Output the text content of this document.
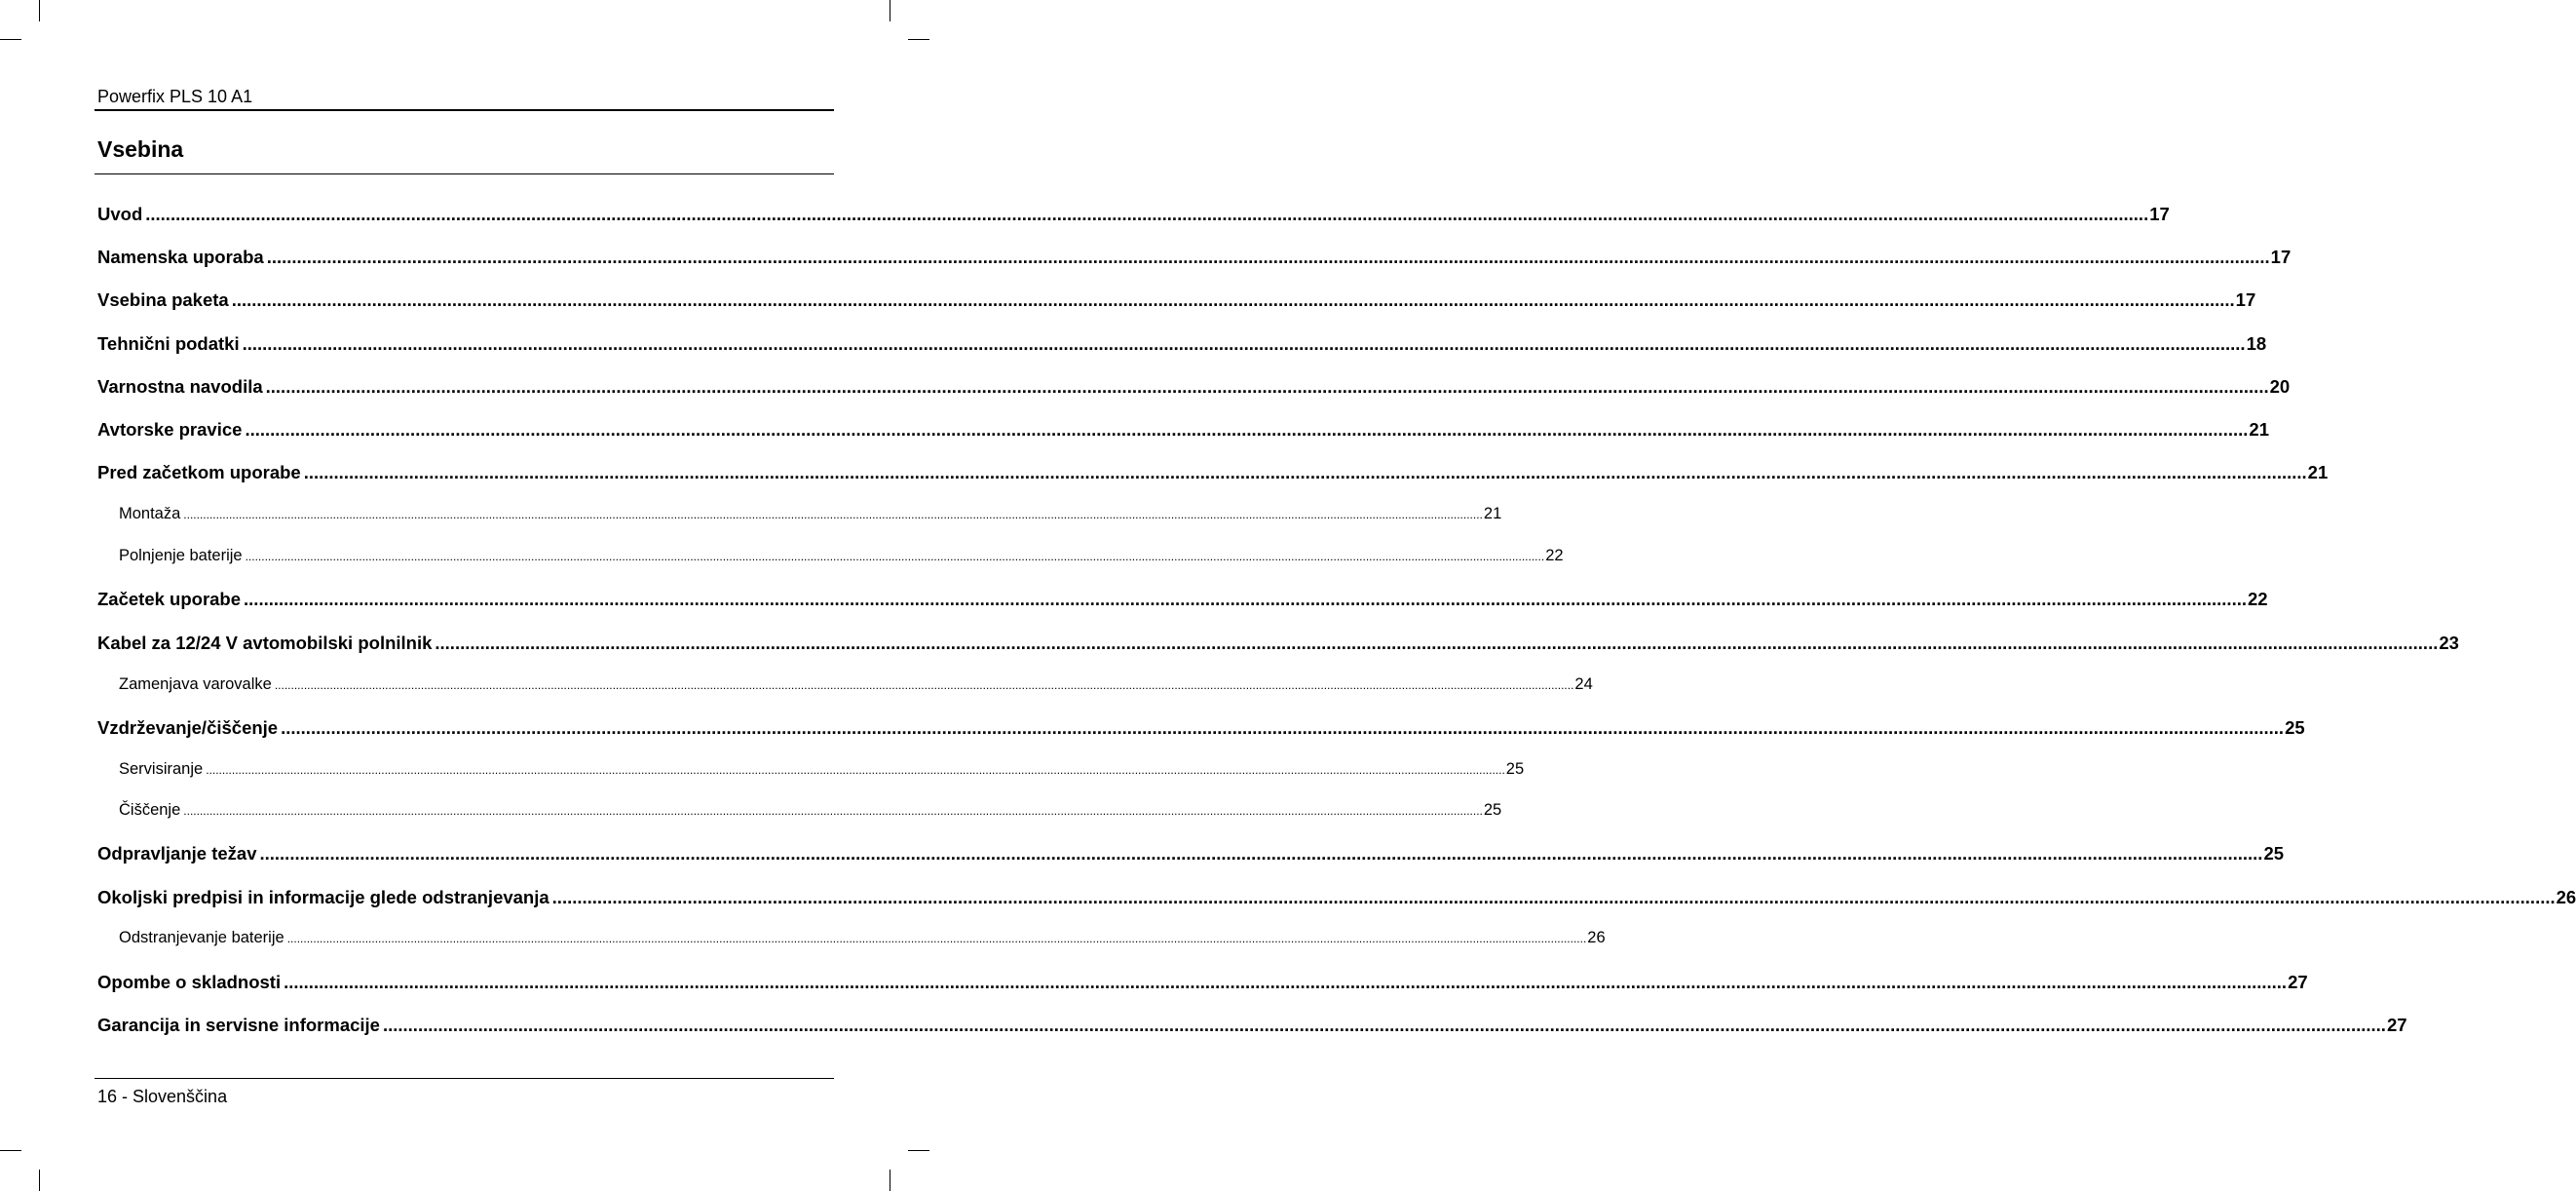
Powerfix PLS 10 A1
Vsebina
Uvod ................................................................................................................................................................................................................................................................................................................................................................................................................ 17
Namenska uporaba ................................................................................................................................................................................................................................................................................................................................................................................................................ 17
Vsebina paketa ................................................................................................................................................................................................................................................................................................................................................................................................................ 17
Tehnični podatki ................................................................................................................................................................................................................................................................................................................................................................................................................ 18
Varnostna navodila ................................................................................................................................................................................................................................................................................................................................................................................................................ 20
Avtorske pravice ................................................................................................................................................................................................................................................................................................................................................................................................................ 21
Pred začetkom uporabe ................................................................................................................................................................................................................................................................................................................................................................................................................ 21
Montaža ................................................................................................................................................................................................................................................................................................................................................................................................................ 21
Polnjenje baterije ................................................................................................................................................................................................................................................................................................................................................................................................................ 22
Začetek uporabe ................................................................................................................................................................................................................................................................................................................................................................................................................ 22
Kabel za 12/24 V avtomobilski polnilnik ................................................................................................................................................................................................................................................................................................................................................................................................................ 23
Zamenjava varovalke ................................................................................................................................................................................................................................................................................................................................................................................................................ 24
Vzdrževanje/čiščenje ................................................................................................................................................................................................................................................................................................................................................................................................................ 25
Servisiranje ................................................................................................................................................................................................................................................................................................................................................................................................................ 25
Čiščenje ................................................................................................................................................................................................................................................................................................................................................................................................................ 25
Odpravljanje težav ................................................................................................................................................................................................................................................................................................................................................................................................................ 25
Okoljski predpisi in informacije glede odstranjevanja ................................................................................................................................................................................................................................................................................................................................................................................................................ 26
Odstranjevanje baterije ................................................................................................................................................................................................................................................................................................................................................................................................................ 26
Opombe o skladnosti ................................................................................................................................................................................................................................................................................................................................................................................................................ 27
Garancija in servisne informacije ................................................................................................................................................................................................................................................................................................................................................................................................................ 27
16 - Slovenščina
